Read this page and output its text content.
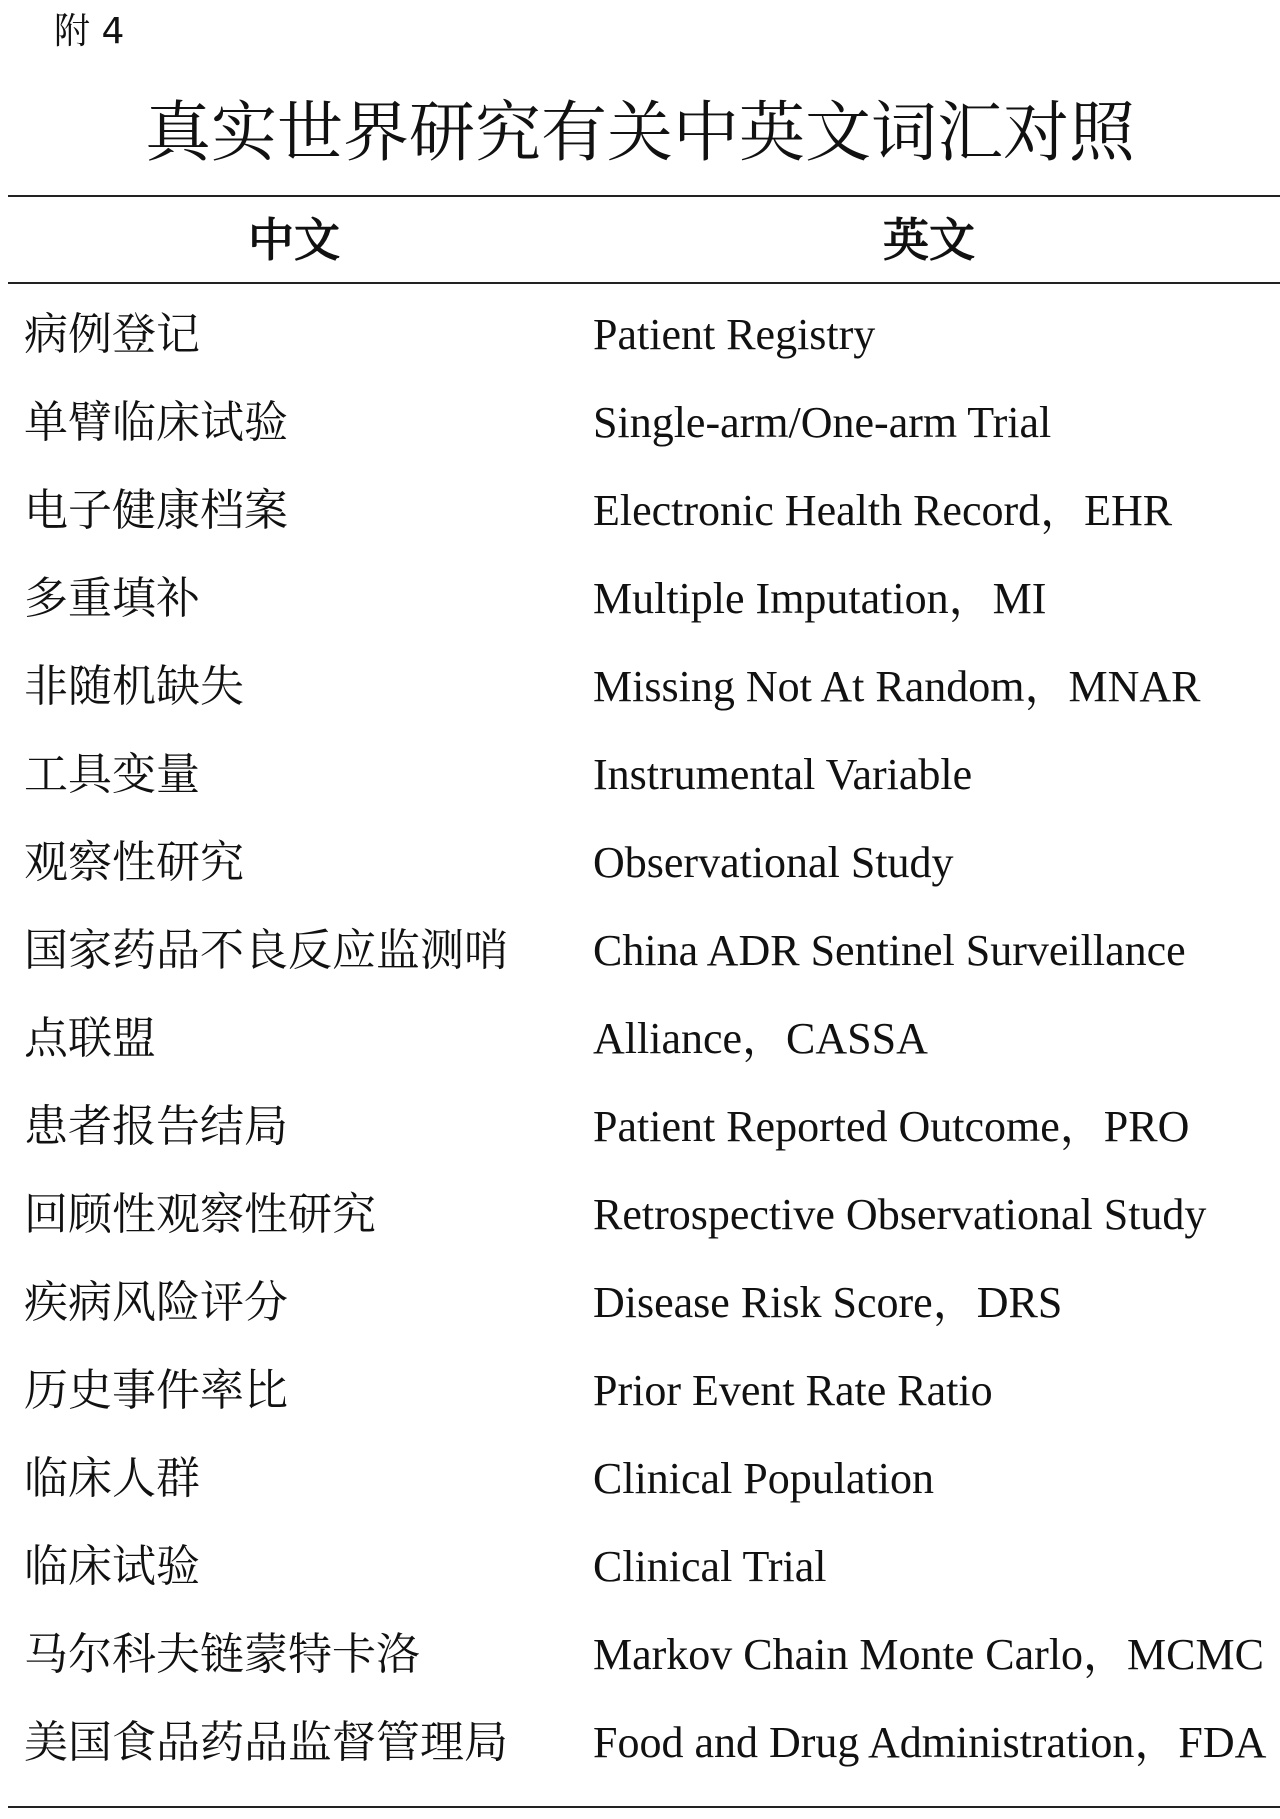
附 4
真实世界研究有关中英文词汇对照
中文	英文
病例登记	Patient Registry
单臂临床试验	Single-arm/One-arm Trial
电子健康档案	Electronic Health Record，EHR
多重填补	Multiple Imputation，MI
非随机缺失	Missing Not At Random，MNAR
工具变量	Instrumental Variable
观察性研究	Observational Study
国家药品不良反应监测哨 China ADR Sentinel Surveillance
点联盟	Alliance，CASSA
患者报告结局	Patient Reported Outcome，PRO
回顾性观察性研究	Retrospective Observational Study
疾病风险评分	Disease Risk Score，DRS
历史事件率比	Prior Event Rate Ratio
临床人群	Clinical Population
临床试验	Clinical Trial
马尔科夫链蒙特卡洛	Markov Chain Monte Carlo，MCMC
美国食品药品监督管理局 Food and Drug Administration，FDA
